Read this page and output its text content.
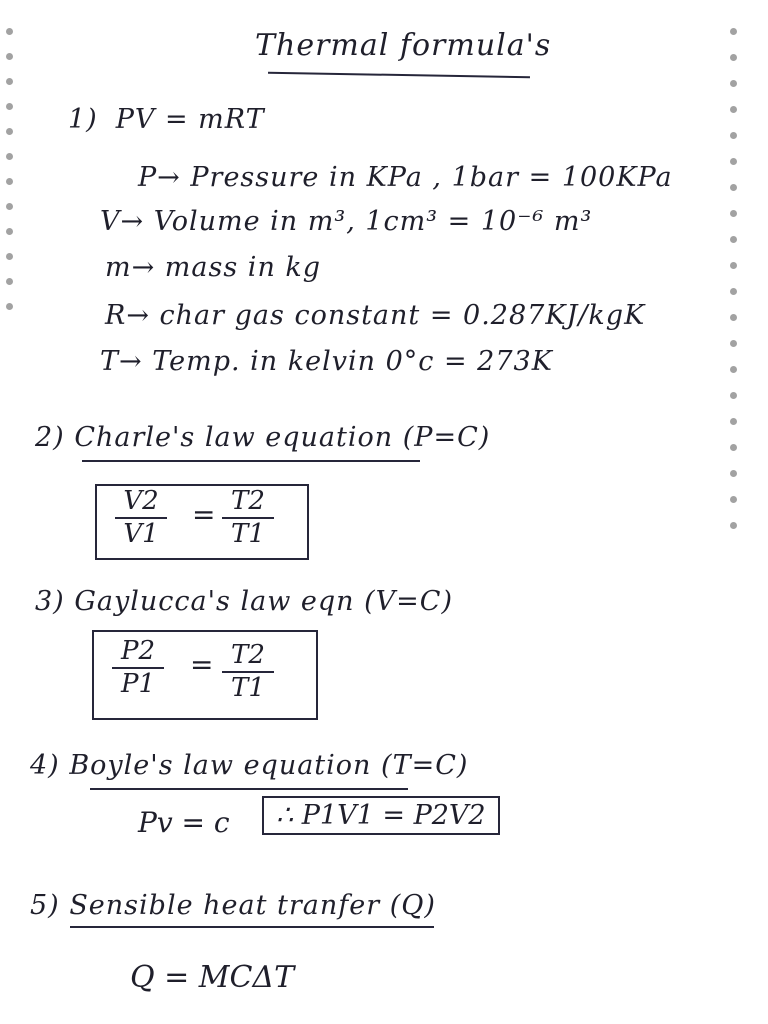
Thermal formula's
1) PV = mRT
P→ Pressure in KPa , 1bar = 100KPa
V→ Volume in m³, 1cm³ = 10⁻⁶ m³
m→ mass in kg
R→ char gas constant = 0.287KJ/kgK
T→ Temp. in kelvin 0°c = 273K
2) Charle's law equation (P=C)
V2
V1
= T2
T1
3) Gaylucca's law eqn (V=C)
P2
P1
= T2
T1
4) Boyle's law equation (T=C)
Pv = c	∴ P1V1 = P2V2
5) Sensible heat tranfer (Q)
Q = MCΔT
